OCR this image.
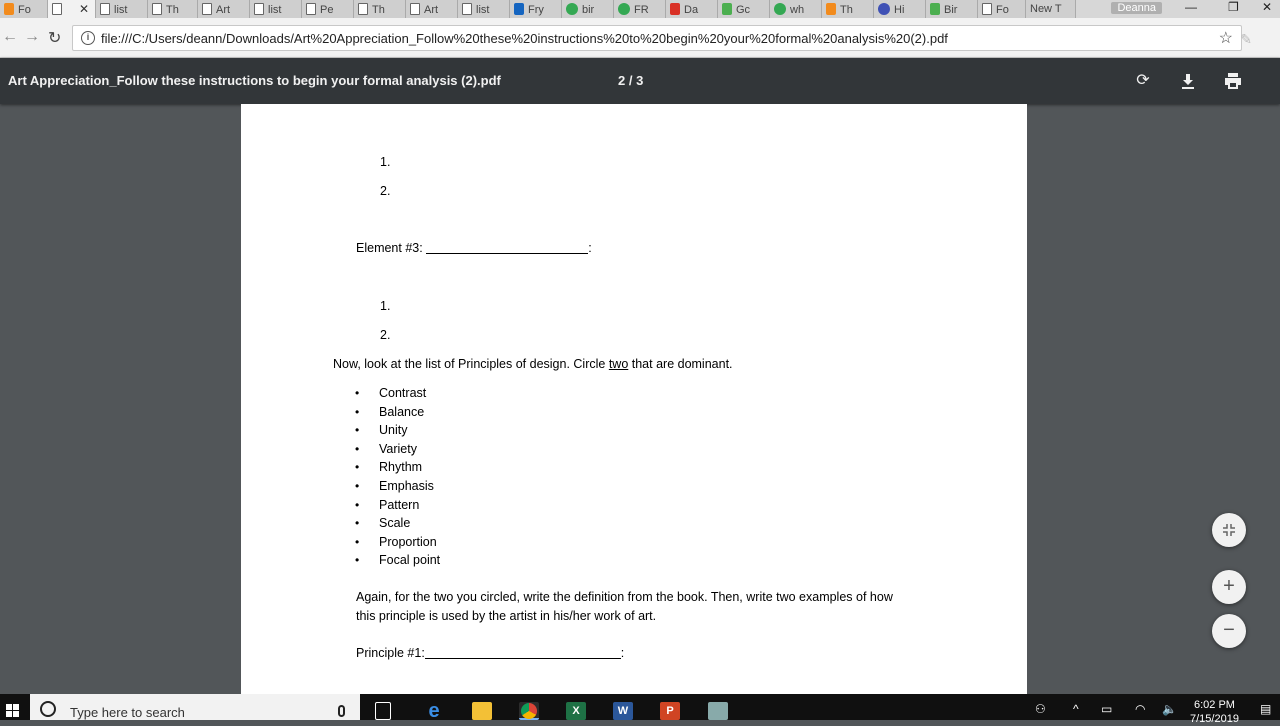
Fo	✕	list	Th	Art	list	Pe	Th	Art	list	Fry	bir	FR	Da	Gc	wh	Th	Hi	Bir	Fo	New T	Deanna	—	❐ ✕
← → ↻	i file:///C:/Users/deann/Downloads/Art%20Appreciation_Follow%20these%20instructions%20to%20begin%20your%20formal%20analysis%20(2).pdf	☆ ✎
Art Appreciation_Follow these instructions to begin your formal analysis (2).pdf	2 / 3	⟳
1.
2.
Element #3:	:
1.
2.
Now, look at the list of Principles of design. Circle two that are dominant.
• Contrast
• Balance
• Unity
• Variety
• Rhythm
• Emphasis
• Pattern
• Scale
• Proportion
• Focal point
Again, for the two you circled, write the definition from the book. Then, write two examples of how
this principle is used by the artist in his/her work of art.
Principle #1:	:
+
−
Type here to search	e	X	W	P	⚇ ^ ▭ ◠ 🔈	6:02 PM
7/15/2019
▤
